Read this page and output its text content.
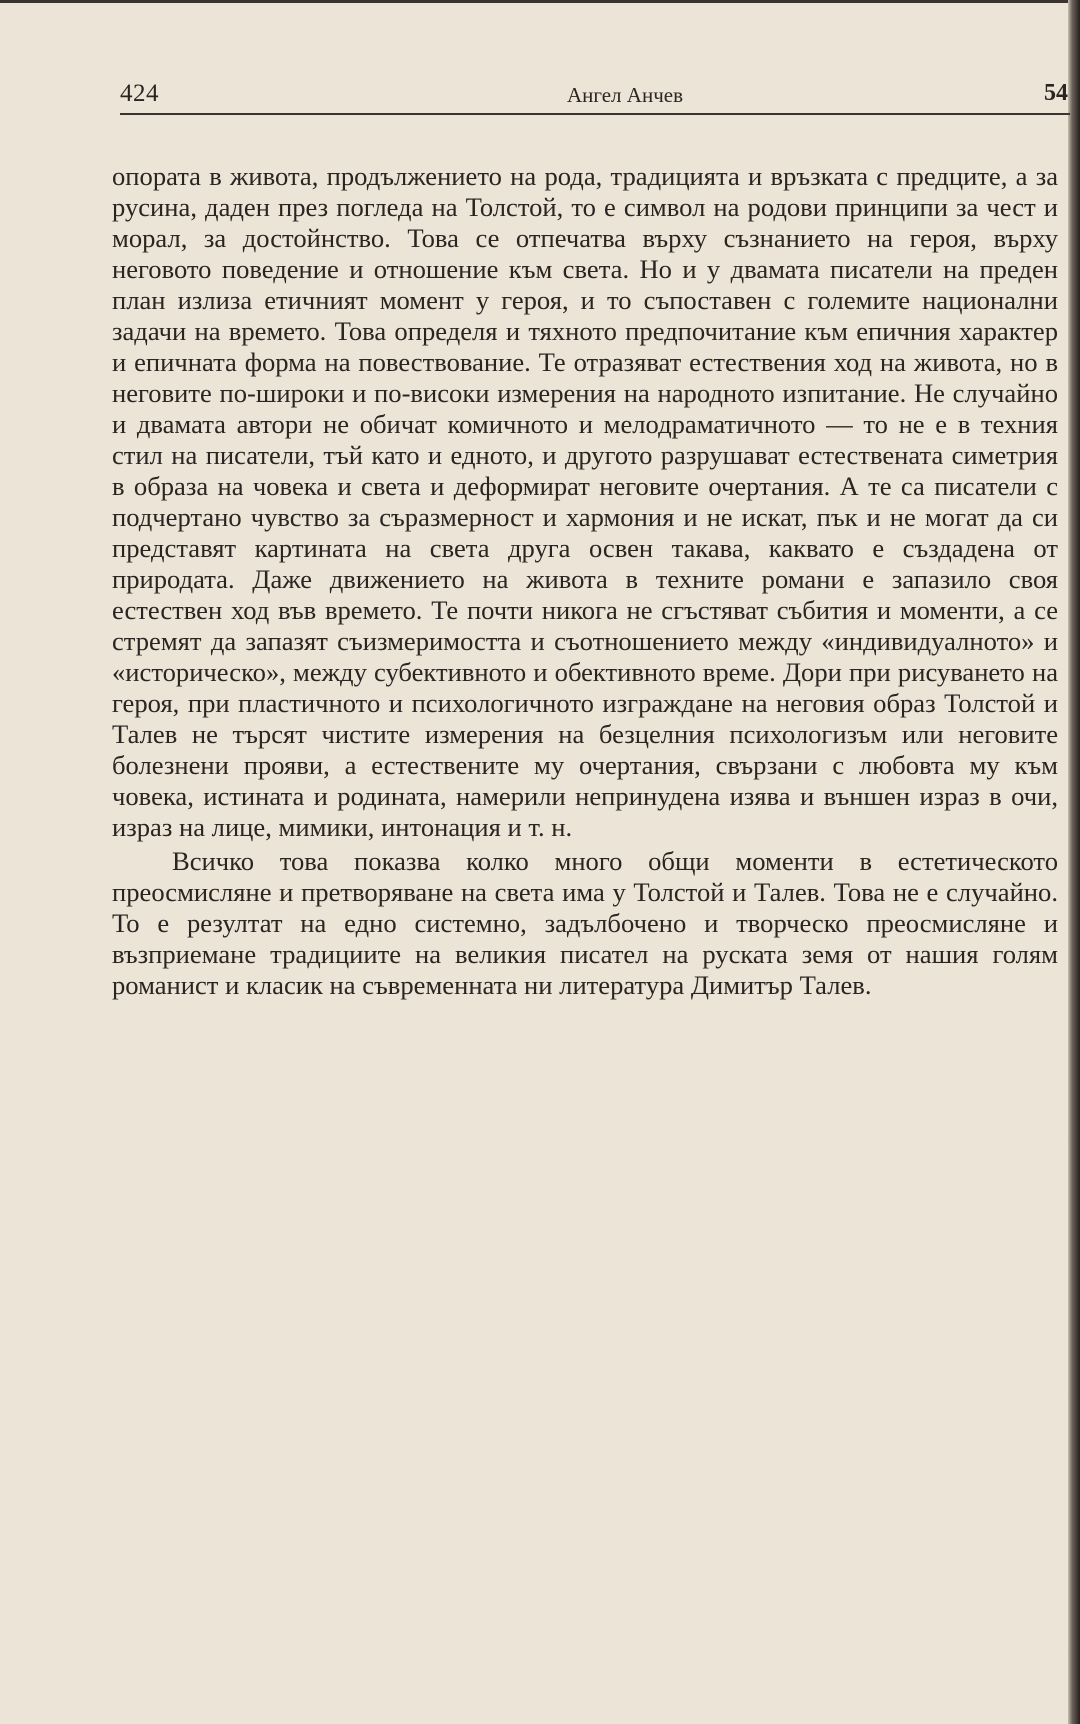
424	Ангел Анчев	54

опората в живота, продължението на рода, традицията и връзката с предците, а за русина, даден през погледа на Толстой, то е символ на родови принципи за чест и морал, за достойнство. Това се отпечатва върху съзнанието на героя, върху неговото поведение и отношение към света. Но и у двамата писатели на преден план излиза етичният момент у героя, и то съпоставен с големите национални задачи на времето. Това определя и тяхното предпочитание към епичния характер и епичната форма на повествование. Те отразяват естествения ход на живота, но в неговите по-широки и по-високи измерения на народното изпитание. Не случайно и двамата автори не обичат комичното и мелодраматичното — то не е в техния стил на писатели, тъй като и едното, и другото разрушават естествената симетрия в образа на човека и света и деформират неговите очертания. А те са писатели с подчертано чувство за съразмерност и хармония и не искат, пък и не могат да си представят картината на света друга освен такава, каквато е създадена от природата. Даже движението на живота в техните романи е запазило своя естествен ход във времето. Те почти никога не сгъстяват събития и моменти, а се стремят да запазят съизмеримостта и съотношението между «индивидуалното» и «историческо», между субективното и обективното време. Дори при рисуването на героя, при пластичното и психологичното изграждане на неговия образ Толстой и Талев не търсят чистите измерения на безцелния психологизъм или неговите болезнени прояви, а естествените му очертания, свързани с любовта му към човека, истината и родината, намерили непринудена изява и външен израз в очи, израз на лице, мимики, интонация и т. н.

Всичко това показва колко много общи моменти в естетическото преосмисляне и претворяване на света има у Толстой и Талев. Това не е случайно. То е резултат на едно системно, задълбочено и творческо преосмисляне и възприемане традициите на великия писател на руската земя от нашия голям романист и класик на съвременната ни литература Димитър Талев.
